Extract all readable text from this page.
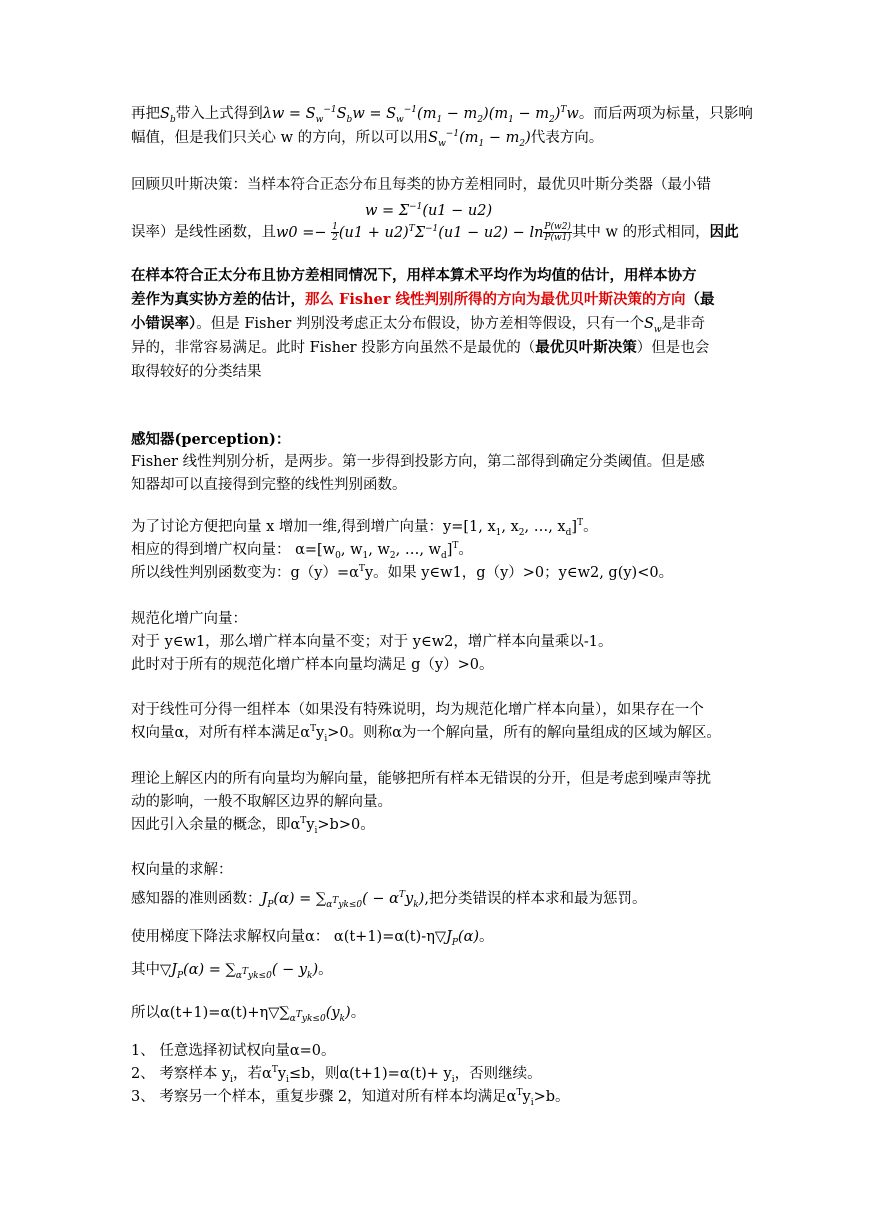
再把$S_b$带入上式得到$\lambda w = S_w^{-1}S_bw = S_w^{-1}(m_1 - m_2)(m_1 - m_2)^Tw$。而后两项为标量，只影响
幅值，但是我们只关心 w 的方向，所以可以用$S_w^{-1}(m_1 - m_2)$代表方向。
回顾贝叶斯决策：当样本符合正态分布且每类的协方差相同时，最优贝叶斯分类器（最小错
$w = \Sigma^{-1}(u1 - u2)$
误率）是线性函数，且$w0 =- \frac{1}{2} (u1 + u2)^T\Sigma^{-1}(u1 - u2) - \ln \frac{P(w2)}{P(w1)}$ 其中 w 的形式相同，因此
在样本符合正太分布且协方差相同情况下，用样本算术平均作为均值的估计，用样本协方
差作为真实协方差的估计，那么 Fisher 线性判别所得的方向为最优贝叶斯决策的方向（最
小错误率）。但是 Fisher 判别没考虑正太分布假设，协方差相等假设，只有一个$S_w$是非奇
异的，非常容易满足。此时 Fisher 投影方向虽然不是最优的（最优贝叶斯决策）但是也会
取得较好的分类结果
感知器(perception)：
Fisher 线性判别分析，是两步。第一步得到投影方向，第二部得到确定分类阈值。但是感
知器却可以直接得到完整的线性判别函数。
为了讨论方便把向量 x 增加一维,得到增广向量：y=[1, $x_1$, $x_2$, …, $x_d]^T$。
相应的得到增广权向量： $\alpha=[w_0$, $w_1$, $w_2$, …, $w_d]^T$。
所以线性判别函数变为：$g(y)=\alpha^Ty$。如果 y∈w1，g（y）>0；y∈w2, g(y)<0。
规范化增广向量：
对于 y∈w1，那么增广样本向量不变；对于 y∈w2，增广样本向量乘以-1。
此时对于所有的规范化增广样本向量均满足 g（y）>0。
对于线性可分得一组样本（如果没有特殊说明，均为规范化增广样本向量），如果存在一个
权向量α，对所有样本满足$\alpha^Ty_i>0$。则称α为一个解向量，所有的解向量组成的区域为解区。
理论上解区内的所有向量均为解向量，能够把所有样本无错误的分开，但是考虑到噪声等扰
动的影响，一般不取解区边界的解向量。
因此引入余量的概念，即$\alpha^Ty_i>b>0$。
权向量的求解：
感知器的准则函数：$J_P(\alpha) = \sum_{\alpha^Tyk\le 0}( - \alpha^Ty_k)$,把分类错误的样本求和最为惩罚。
使用梯度下降法求解权向量α： $\alpha(t+1)=\alpha(t)-\eta▽J_P(\alpha)$。
其中$▽J_P(\alpha) = \sum_{\alpha^Tyk\le 0}( - y_k)$。
所以$\alpha(t+1)=\alpha(t)+\eta▽\sum_{\alpha^Tyk\le 0}(y_k)$。
1、 任意选择初试权向量α=0。
2、 考察样本 $y_i$，若$\alpha^Ty_i\le b$，则$\alpha(t+1)=\alpha(t)+ y_i$，否则继续。
3、 考察另一个样本，重复步骤 2，知道对所有样本均满足$\alpha^Ty_i>b$。
